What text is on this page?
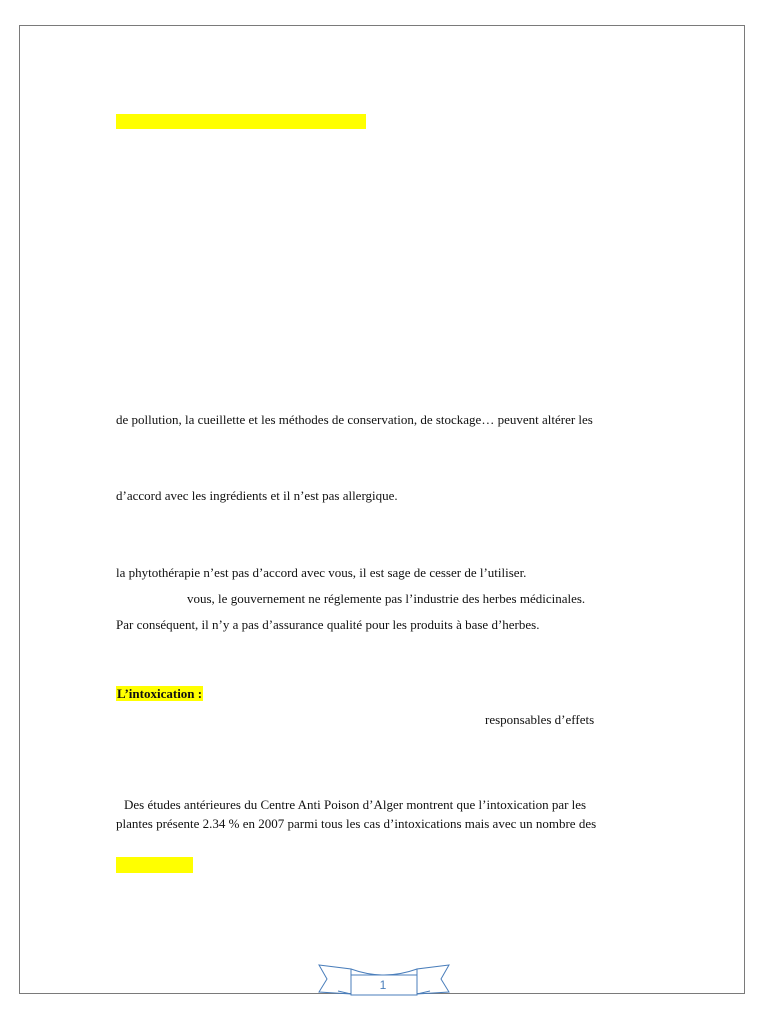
de pollution, la cueillette et les méthodes de conservation, de stockage… peuvent altérer les
d’accord avec les ingrédients et il n’est pas allergique.
la phytothérapie n’est pas d’accord avec vous, il est sage de cesser de l’utiliser.
vous, le gouvernement ne réglemente pas l’industrie des herbes médicinales.
Par conséquent, il n’y a pas d’assurance qualité pour les produits à base d’herbes.
L’intoxication :
responsables d’effets
Des études antérieures du Centre Anti Poison d’Alger montrent que l’intoxication par les
plantes présente 2.34 % en 2007 parmi tous les cas d’intoxications mais avec un nombre des
1
